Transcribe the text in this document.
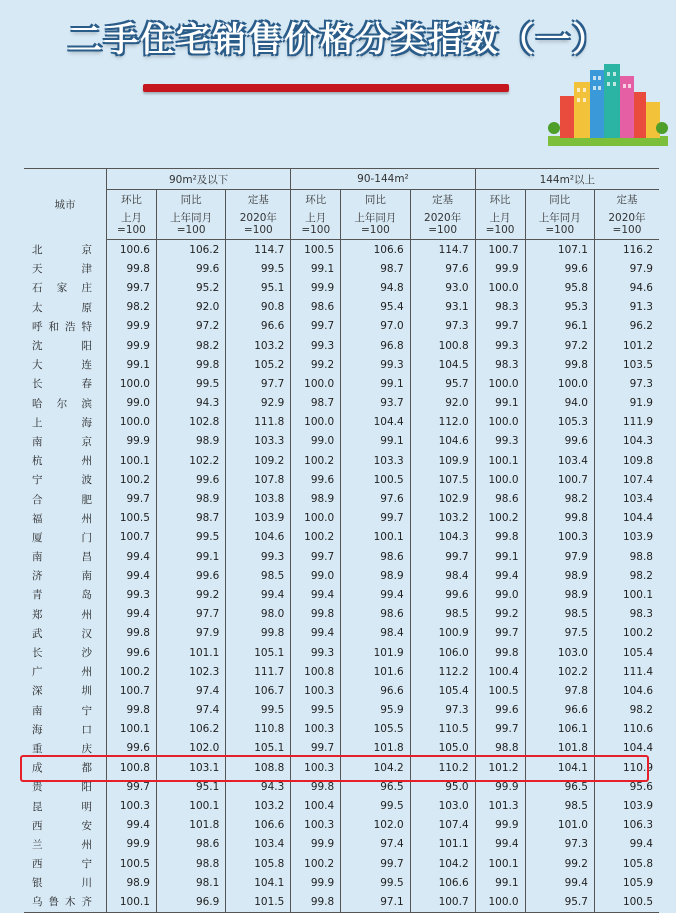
二手住宅销售价格分类指数（一）
城市	90m²及以下			90-144m²			144m²以上		
	环比	同比	定基	环比	同比	定基	环比	同比	定基
	上月=100	上年同月=100	2020年=100	上月=100	上年同月=100	2020年=100	上月=100	上年同月=100	2020年=100
北京	100.6	106.2	114.7	100.5	106.6	114.7	100.7	107.1	116.2
天津	99.8	99.6	99.5	99.1	98.7	97.6	99.9	99.6	97.9
石家庄	99.7	95.2	95.1	99.9	94.8	93.0	100.0	95.8	94.6
太原	98.2	92.0	90.8	98.6	95.4	93.1	98.3	95.3	91.3
呼和浩特	99.9	97.2	96.6	99.7	97.0	97.3	99.7	96.1	96.2
沈阳	99.9	98.2	103.2	99.3	96.8	100.8	99.3	97.2	101.2
大连	99.1	99.8	105.2	99.2	99.3	104.5	98.3	99.8	103.5
长春	100.0	99.5	97.7	100.0	99.1	95.7	100.0	100.0	97.3
哈尔滨	99.0	94.3	92.9	98.7	93.7	92.0	99.1	94.0	91.9
上海	100.0	102.8	111.8	100.0	104.4	112.0	100.0	105.3	111.9
南京	99.9	98.9	103.3	99.0	99.1	104.6	99.3	99.6	104.3
杭州	100.1	102.2	109.2	100.2	103.3	109.9	100.1	103.4	109.8
宁波	100.2	99.6	107.8	99.6	100.5	107.5	100.0	100.7	107.4
合肥	99.7	98.9	103.8	98.9	97.6	102.9	98.6	98.2	103.4
福州	100.5	98.7	103.9	100.0	99.7	103.2	100.2	99.8	104.4
厦门	100.7	99.5	104.6	100.2	100.1	104.3	99.8	100.3	103.9
南昌	99.4	99.1	99.3	99.7	98.6	99.7	99.1	97.9	98.8
济南	99.4	99.6	98.5	99.0	98.9	98.4	99.4	98.9	98.2
青岛	99.3	99.2	99.4	99.4	99.4	99.6	99.0	98.9	100.1
郑州	99.4	97.7	98.0	99.8	98.6	98.5	99.2	98.5	98.3
武汉	99.8	97.9	99.8	99.4	98.4	100.9	99.7	97.5	100.2
长沙	99.6	101.1	105.1	99.3	101.9	106.0	99.8	103.0	105.4
广州	100.2	102.3	111.7	100.8	101.6	112.2	100.4	102.2	111.4
深圳	100.7	97.4	106.7	100.3	96.6	105.4	100.5	97.8	104.6
南宁	99.8	97.4	99.5	99.5	95.9	97.3	99.6	96.6	98.2
海口	100.1	106.2	110.8	100.3	105.5	110.5	99.7	106.1	110.6
重庆	99.6	102.0	105.1	99.7	101.8	105.0	98.8	101.8	104.4
成都	100.8	103.1	108.8	100.3	104.2	110.2	101.2	104.1	110.9
贵阳	99.7	95.1	94.3	99.8	96.5	95.0	99.9	96.5	95.6
昆明	100.3	100.1	103.2	100.4	99.5	103.0	101.3	98.5	103.9
西安	99.4	101.8	106.6	100.3	102.0	107.4	99.9	101.0	106.3
兰州	99.9	98.6	103.4	99.9	97.4	101.1	99.4	97.3	99.4
西宁	100.5	98.8	105.8	100.2	99.7	104.2	100.1	99.2	105.8
银川	98.9	98.1	104.1	99.9	99.5	106.6	99.1	99.4	105.9
乌鲁木齐	100.1	96.9	101.5	99.8	97.1	100.7	100.0	95.7	100.5
